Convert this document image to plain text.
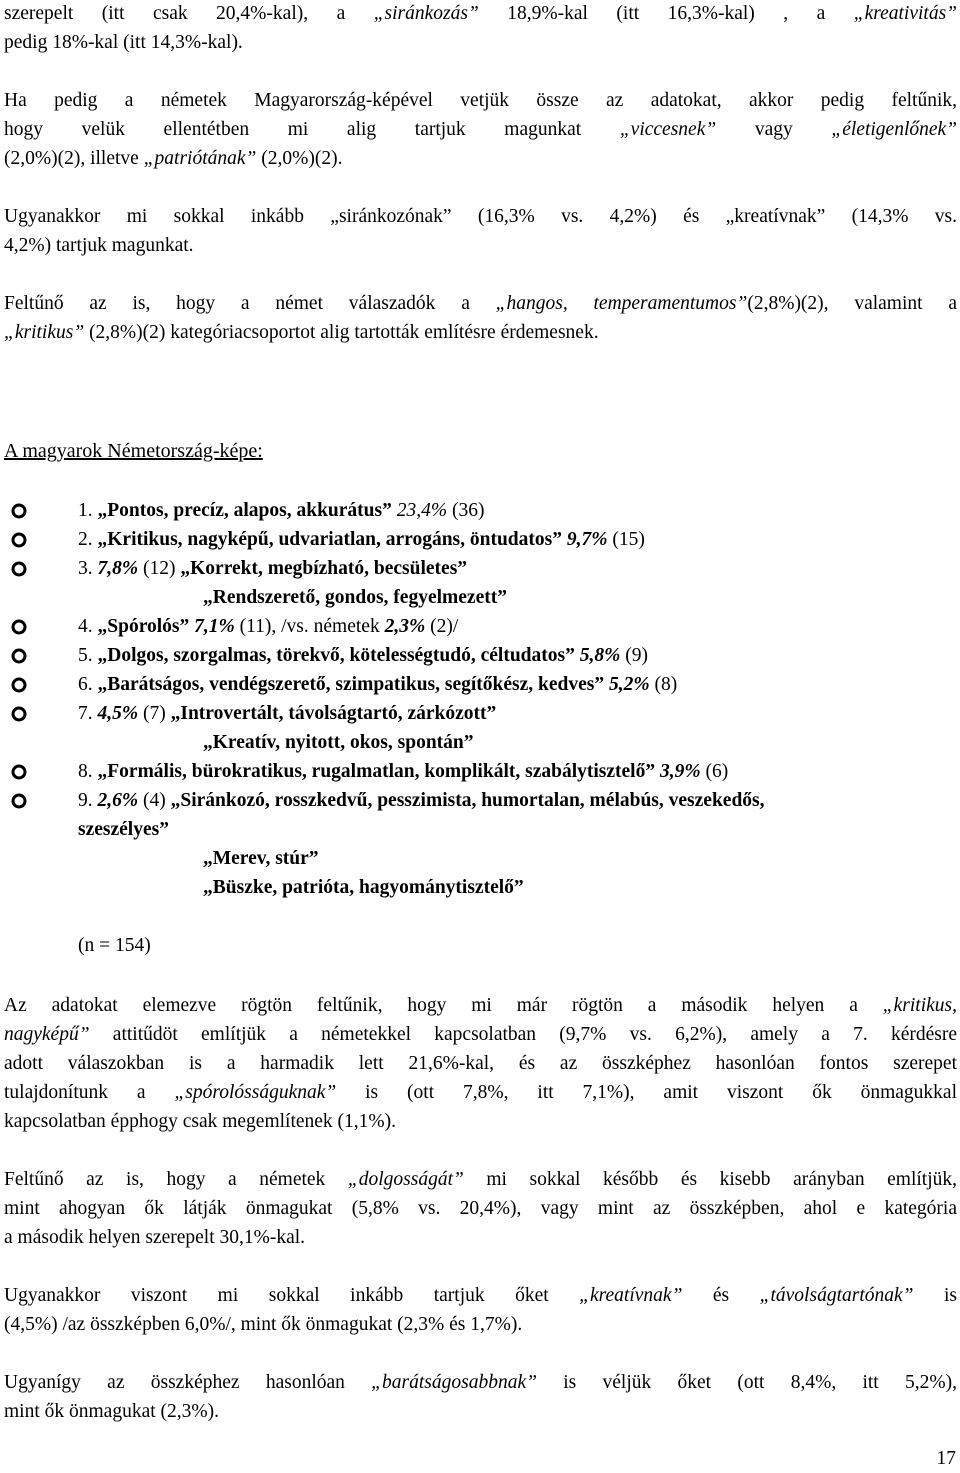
szerepelt (itt csak 20,4%-kal), a „siránkozás” 18,9%-kal (itt 16,3%-kal) , a „kreativitás”
pedig 18%-kal (itt 14,3%-kal).
Ha pedig a németek Magyarország-képével vetjük össze az adatokat, akkor pedig feltűnik,
hogy velük ellentétben mi alig tartjuk magunkat „viccesnek” vagy „életigenlőnek”
(2,0%)(2), illetve „patriótának” (2,0%)(2).
Ugyanakkor mi sokkal inkább „siránkozónak” (16,3% vs. 4,2%) és „kreatívnak” (14,3% vs.
4,2%) tartjuk magunkat.
Feltűnő az is, hogy a német válaszadók a „hangos, temperamentumos”(2,8%)(2), valamint a
„kritikus” (2,8%)(2) kategóriacsoportot alig tartották említésre érdemesnek.
A magyarok Németország-képe:
1. „Pontos, precíz, alapos, akkurátus” 23,4% (36)
2. „Kritikus, nagyképű, udvariatlan, arrogáns, öntudatos” 9,7% (15)
3. 7,8% (12) „Korrekt, megbízható, becsületes”
„Rendszerető, gondos, fegyelmezett”
4. „Spórolós” 7,1% (11), /vs. németek 2,3% (2)/
5. „Dolgos, szorgalmas, törekvő, kötelességtudó, céltudatos” 5,8% (9)
6. „Barátságos, vendégszerető, szimpatikus, segítőkész, kedves” 5,2% (8)
7. 4,5% (7) „Introvertált, távolságtartó, zárkózott”
„Kreatív, nyitott, okos, spontán”
8. „Formális, bürokratikus, rugalmatlan, komplikált, szabálytisztelő” 3,9% (6)
9. 2,6% (4) „Siránkozó, rosszkedvű, pesszimista, humortalan, mélabús, veszekedős,
szeszélyes”
„Merev, stúr”
„Büszke, patrióta, hagyománytisztelő”
(n = 154)
Az adatokat elemezve rögtön feltűnik, hogy mi már rögtön a második helyen a „kritikus,
nagyképű” attitűdöt említjük a németekkel kapcsolatban (9,7% vs. 6,2%), amely a 7. kérdésre
adott válaszokban is a harmadik lett 21,6%-kal, és az összképhez hasonlóan fontos szerepet
tulajdonítunk a „spórolósságuknak” is (ott 7,8%, itt 7,1%), amit viszont ők önmagukkal
kapcsolatban épphogy csak megemlítenek (1,1%).
Feltűnő az is, hogy a németek „dolgosságát” mi sokkal később és kisebb arányban említjük,
mint ahogyan ők látják önmagukat (5,8% vs. 20,4%), vagy mint az összképben, ahol e kategória
a második helyen szerepelt 30,1%-kal.
Ugyanakkor viszont mi sokkal inkább tartjuk őket „kreatívnak” és „távolságtartónak” is
(4,5%) /az összképben 6,0%/, mint ők önmagukat (2,3% és 1,7%).
Ugyanígy az összképhez hasonlóan „barátságosabbnak” is véljük őket (ott 8,4%, itt 5,2%),
mint ők önmagukat (2,3%).
17
